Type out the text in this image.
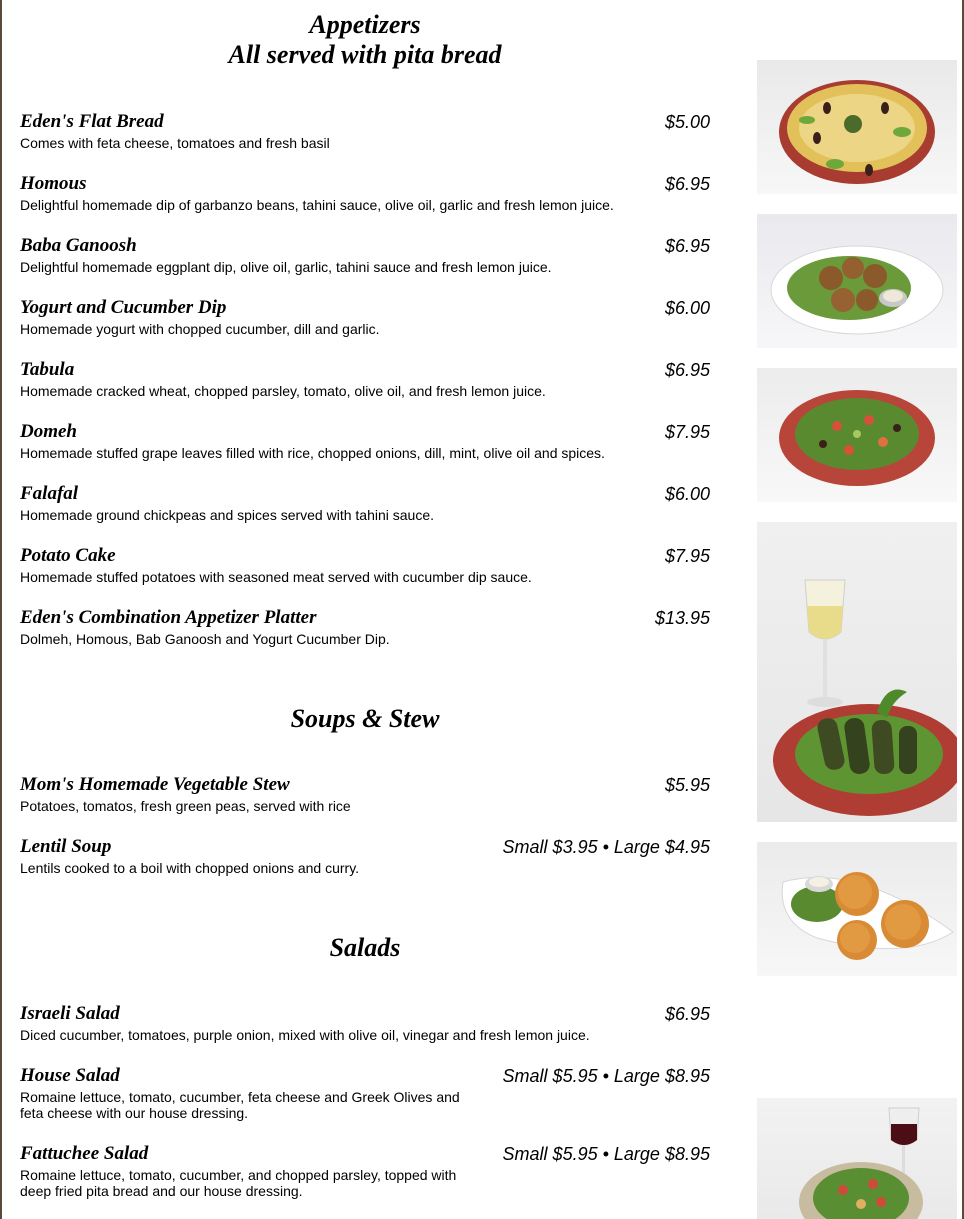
Appetizers
All served with pita bread
Eden's Flat Bread	$5.00
Comes with feta cheese, tomatoes and fresh basil
Homous	$6.95
Delightful homemade dip of garbanzo beans, tahini sauce, olive oil, garlic and fresh lemon juice.
Baba Ganoosh	$6.95
Delightful homemade eggplant dip, olive oil, garlic, tahini sauce and fresh lemon juice.
Yogurt and Cucumber Dip	$6.00
Homemade yogurt with chopped cucumber, dill and garlic.
Tabula	$6.95
Homemade cracked wheat, chopped parsley, tomato, olive oil, and fresh lemon juice.
Domeh	$7.95
Homemade stuffed grape leaves filled with rice, chopped onions, dill, mint, olive oil and spices.
Falafal	$6.00
Homemade ground chickpeas and spices served with tahini sauce.
Potato Cake	$7.95
Homemade stuffed potatoes with seasoned meat served with cucumber dip sauce.
Eden's Combination Appetizer Platter	$13.95
Dolmeh, Homous, Bab Ganoosh and Yogurt Cucumber Dip.
Soups & Stew
Mom's Homemade Vegetable Stew	$5.95
Potatoes, tomatos, fresh green peas, served with rice
Lentil Soup	Small $3.95 • Large $4.95
Lentils cooked to a boil with chopped onions and curry.
Salads
Israeli Salad	$6.95
Diced cucumber, tomatoes, purple onion, mixed with olive oil, vinegar and fresh lemon juice.
House Salad	Small $5.95 • Large $8.95
Romaine lettuce, tomato, cucumber, feta cheese and Greek Olives and feta cheese with our house dressing.
Fattuchee Salad	Small $5.95 • Large $8.95
Romaine lettuce, tomato, cucumber, and chopped parsley, topped with deep fried pita bread and our house dressing.
